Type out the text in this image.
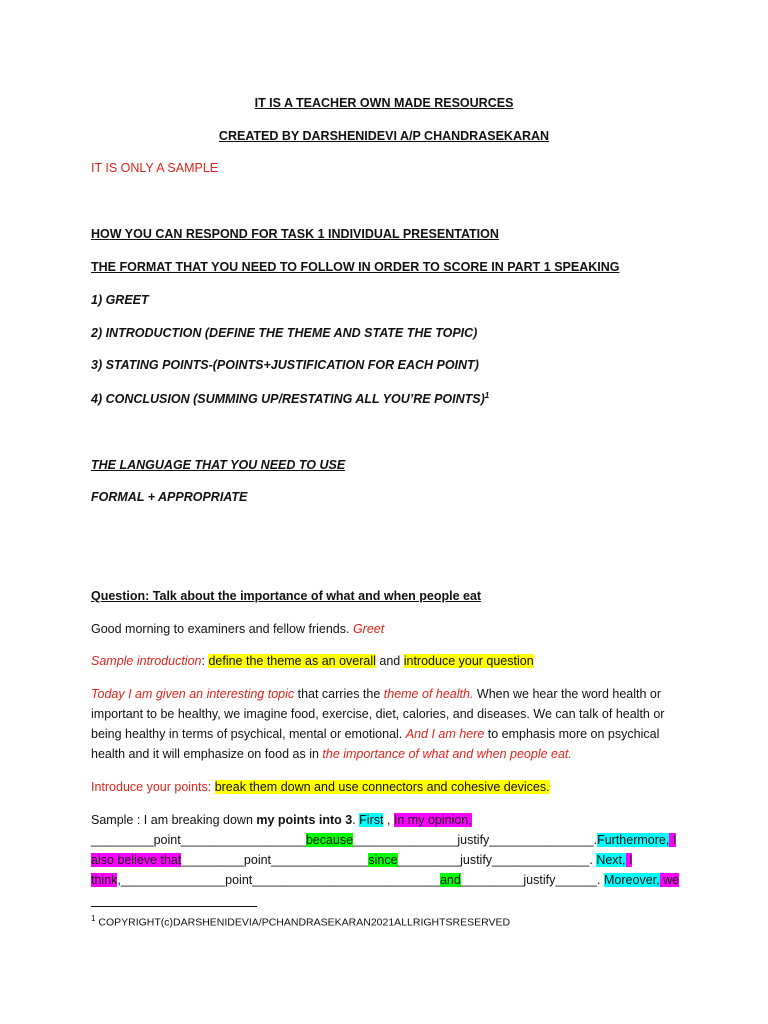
IT IS A TEACHER OWN MADE RESOURCES
CREATED BY DARSHENIDEVI A/P CHANDRASEKARAN
IT IS ONLY A SAMPLE
HOW YOU CAN RESPOND FOR TASK 1 INDIVIDUAL PRESENTATION
THE FORMAT THAT YOU NEED TO FOLLOW IN ORDER TO SCORE IN PART 1 SPEAKING
1) GREET
2) INTRODUCTION (DEFINE THE THEME AND STATE THE TOPIC)
3) STATING POINTS-(POINTS+JUSTIFICATION FOR EACH POINT)
4) CONCLUSION (SUMMING UP/RESTATING ALL YOU’RE POINTS)$^1$
THE LANGUAGE THAT YOU NEED TO USE
FORMAL + APPROPRIATE
Question: Talk about the importance of what and when people eat
Good morning to examiners and fellow friends. Greet
Sample introduction: define the theme as an overall and introduce your question
Today I am given an interesting topic that carries the theme of health. When we hear the word health or important to be healthy, we imagine food, exercise, diet, calories, and diseases. We can talk of health or being healthy in terms of psychical, mental or emotional. And I am here to emphasis more on psychical health and it will emphasize on food as in the importance of what and when people eat.
Introduce your points: break them down and use connectors and cohesive devices.
Sample : I am breaking down my points into 3. First , In my opinion,
_________point__________________because_______________justify_______________.Furthermore, I
also believe that_________point______________since_________justify______________. Next, I
think,_______________point___________________________and_________justify______. Moreover, we
$^1$ COPYRIGHT(c)DARSHENIDEVIA/PCHANDRASEKARAN2021ALLRIGHTSRESERVED
